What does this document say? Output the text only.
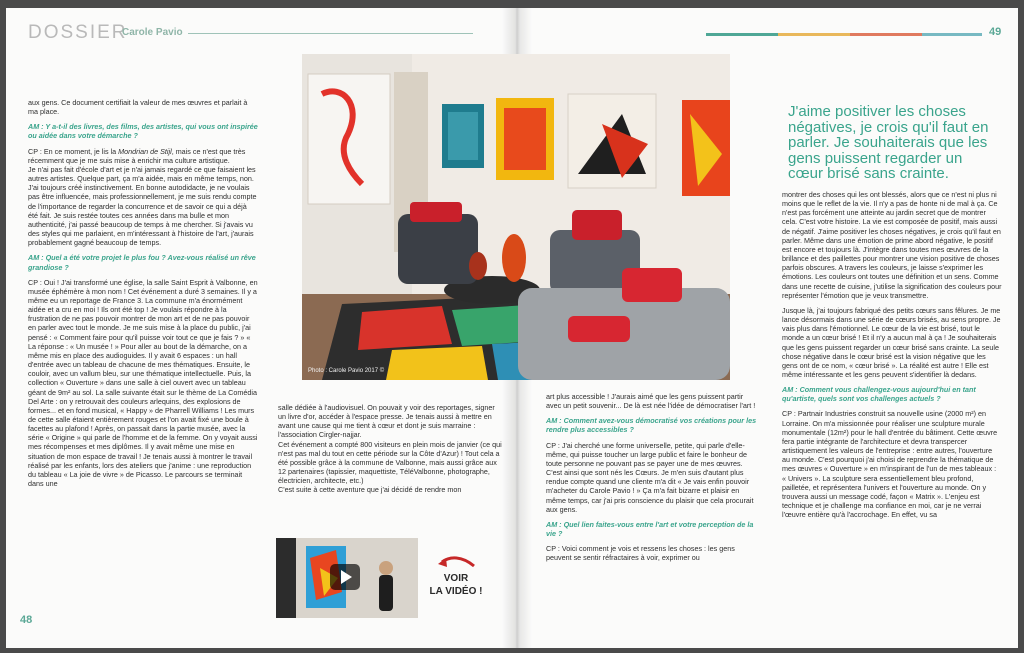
DOSSIER
Carole Pavio	49
48

aux gens. Ce document certifiait la valeur de mes œuvres et parlait à ma place.

AM : Y a-t-il des livres, des films, des artistes, qui vous ont inspirée ou aidée dans votre démarche ?

CP : En ce moment, je lis la Mondrian de Stijl, mais ce n'est que très récemment que je me suis mise à enrichir ma culture artistique.

Je n'ai pas fait d'école d'art et je n'ai jamais regardé ce que faisaient les autres artistes. Quelque part, ça m'a aidée, mais en même temps, non. J'ai toujours créé instinctivement. En bonne autodidacte, je ne voulais pas être influencée, mais professionnellement, je me suis rendu compte de l'importance de regarder la concurrence et de savoir ce qui a déjà été fait. Je suis restée toutes ces années dans ma bulle et mon authenticité, j'ai passé beaucoup de temps à me chercher. Si j'avais vu des styles qui me parlaient, en m'intéressant à l'histoire de l'art, j'aurais probablement gagné beaucoup de temps.

AM : Quel a été votre projet le plus fou ? Avez-vous réalisé un rêve grandiose ?

CP : Oui ! J'ai transformé une église, la salle Saint Esprit à Valbonne, en musée éphémère à mon nom ! Cet événement a duré 3 semaines. Il y a même eu un reportage de France 3. La commune m'a énormément aidée et a cru en moi ! Ils ont été top ! Je voulais répondre à la frustration de ne pas pouvoir montrer de mon art et de ne pas pouvoir en parler avec tout le monde. Je me suis mise à la place du public, j'ai pensé : « Comment faire pour qu'il puisse voir tout ce que je fais ? » « La réponse : « Un musée ! » Pour aller au bout de la démarche, on a même mis en place des audioguides. Il y avait 6 espaces : un hall d'entrée avec un tableau de chacune de mes thématiques. Ensuite, le couloir, avec un vallum bleu, sur une thématique intellectuelle. Puis, la collection « Ouverture » dans une salle à ciel ouvert avec un tableau géant de 9m² au sol. La salle suivante était sur le thème de La Comédia Del Arte : on y retrouvait des couleurs arlequins, des explosions de formes... et en fond musical, « Happy » de Pharrell Williams ! Les murs de cette salle étaient entièrement rouges et l'on avait fixé une boule à facettes au plafond ! Après, on passait dans la partie musée, avec la série « Origine » qui parle de l'homme et de la femme. On y voyait aussi mes récompenses et mes diplômes. Il y avait même une mise en situation de mon espace de travail ! Je tenais aussi à montrer le travail réalisé par les enfants, lors des ateliers que j'anime : une reproduction du tableau « La joie de vivre » de Picasso. Le parcours se terminait dans une

Photo : Carole Pavio 2017 ©

salle dédiée à l'audiovisuel. On pouvait y voir des reportages, signer un livre d'or, accéder à l'espace presse. Je tenais aussi à mettre en avant une cause qui me tient à cœur et dont je suis marraine : l'association Cirgler-najjar.

Cet événement a compté 800 visiteurs en plein mois de janvier (ce qui n'est pas mal du tout en cette période sur la Côte d'Azur) ! Tout cela a été possible grâce à la commune de Valbonne, mais aussi grâce aux 12 partenaires (tapissier, maquettiste, TéléValbonne, photographe, électricien, architecte, etc.)

C'est suite à cette aventure que j'ai décidé de rendre mon

VOIR
LA VIDÉO !

art plus accessible ! J'aurais aimé que les gens puissent partir avec un petit souvenir... De là est née l'idée de démocratiser l'art !

AM : Comment avez-vous démocratisé vos créations pour les rendre plus accessibles ?

CP : J'ai cherché une forme universelle, petite, qui parle d'elle-même, qui puisse toucher un large public et faire le bonheur de toute personne ne pouvant pas se payer une de mes œuvres. C'est ainsi que sont nés les Cœurs. Je m'en suis d'autant plus rendue compte quand une cliente m'a dit « Je vais enfin pouvoir m'acheter du Carole Pavio ! » Ça m'a fait bizarre et plaisir en même temps, car j'ai pris conscience du plaisir que cela procurait aux gens.

AM : Quel lien faites-vous entre l'art et votre perception de la vie ?

CP : Voici comment je vois et ressens les choses : les gens peuvent se sentir réfractaires à voir, exprimer ou

J'aime positiver les choses négatives, je crois qu'il faut en parler. Je souhaiterais que les gens puissent regarder un cœur brisé sans crainte.

montrer des choses qui les ont blessés, alors que ce n'est ni plus ni moins que le reflet de la vie. Il n'y a pas de honte ni de mal à ça. Ce n'est pas forcément une atteinte au jardin secret que de montrer cela. C'est votre histoire. La vie est composée de positif, mais aussi de négatif. J'aime positiver les choses négatives, je crois qu'il faut en parler. Même dans une émotion de prime abord négative, le positif est encore et toujours là. J'intègre dans toutes mes œuvres de la brillance et des paillettes pour montrer une vision positive de choses parfois obscures. A travers les couleurs, je laisse s'exprimer les émotions. Les couleurs ont toutes une définition et un sens. Comme dans une recette de cuisine, j'utilise la signification des couleurs pour représenter l'émotion que je veux transmettre.

Jusque là, j'ai toujours fabriqué des petits cœurs sans fêlures. Je me lance désormais dans une série de cœurs brisés, au sens propre. Je vais plus dans l'émotionnel. Le cœur de la vie est brisé, tout le monde a un cœur brisé ! Et il n'y a aucun mal à ça ! Je souhaiterais que les gens puissent regarder un cœur brisé sans crainte. La seule chose négative dans le cœur brisé est la vision négative que les gens ont de ce nom, « cœur brisé ». La réalité est autre ! Elle est même intéressante et les gens peuvent s'identifier là dedans.

AM : Comment vous challengez-vous aujourd'hui en tant qu'artiste, quels sont vos challenges actuels ?

CP : Partnair Industries construit sa nouvelle usine (2000 m²) en Lorraine. On m'a missionnée pour réaliser une sculpture murale monumentale (12m²) pour le hall d'entrée du bâtiment. Cette œuvre fera partie intégrante de l'architecture et devra transpercer artistiquement les valeurs de l'entreprise : entre autres, l'ouverture au monde. C'est pourquoi j'ai choisi de reprendre la thématique de mes œuvres « Ouverture » en m'inspirant de l'un de mes tableaux : « Univers ». La sculpture sera essentiellement bleu profond, pailletée, et représentera l'univers et l'ouverture au monde. On y trouvera aussi un message codé, façon « Matrix ». L'enjeu est technique et je challenge ma confiance en moi, car je ne verrai l'œuvre entière qu'à l'accrochage. En effet, vu sa
